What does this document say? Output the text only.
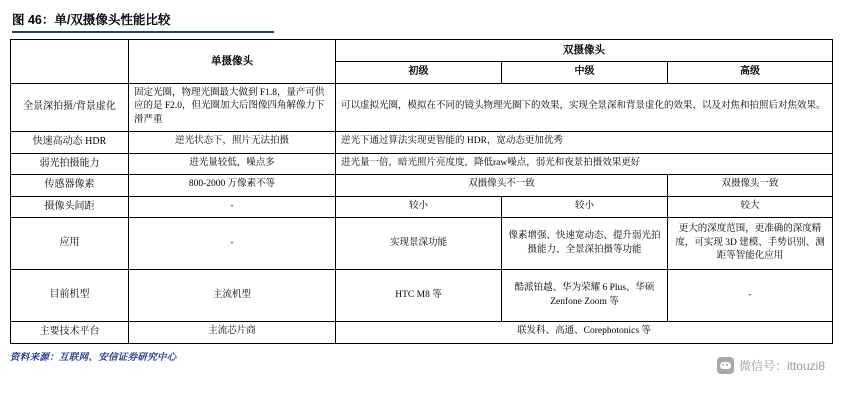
图 46：单/双摄像头性能比较
	单摄像头	双摄像头		
		初级	中级	高级
全景深拍摄/背景虚化	固定光圈，物理光圈最大做到 F1.8，量产可供应的是 F2.0，但光圈加大后图像四角解像力下滑严重	可以虚拟光圈，模拟在不同的镜头物理光圈下的效果，实现全景深和背景虚化的效果，以及对焦和拍照后对焦效果。		
快速高动态 HDR	逆光状态下，照片无法拍摄	逆光下通过算法实现更智能的 HDR，宽动态更加优秀		
弱光拍摄能力	进光量较低，噪点多	进光量一倍，暗光照片亮度度，降低raw噪点，弱光和夜景拍摄效果更好		
传感器像素	800-2000 万像素不等	双摄像头不一致		双摄像头一致
摄像头间距	-	较小	较小	较大
应用	-	实现景深功能	像素增强、快速宽动态、提升弱光拍摄能力、全景深拍摄等功能	更大的深度范围，更准确的深度精度，可实现 3D 建模、手势识别、测距等智能化应用
目前机型	主流机型	HTC M8 等	酷派铂越、华为荣耀 6 Plus、华硕 Zenfone Zoom 等	-
主要技术平台	主流芯片商	联发科、高通、Corephotonics 等		
资料来源：互联网、安信证券研究中心
微信号：ittouzi8
